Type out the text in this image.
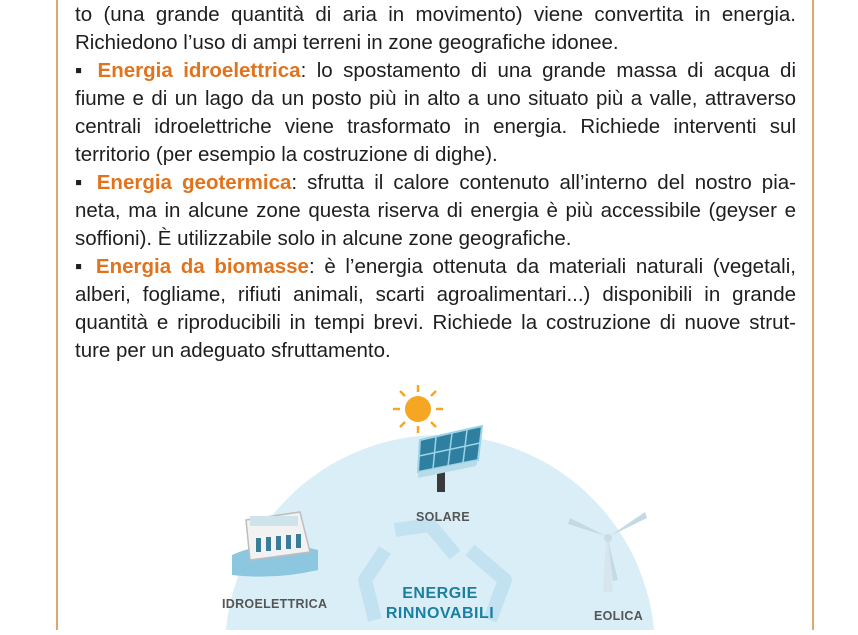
to (una grande quantità di aria in movimento) viene convertita in energia.
Richiedono l’uso di ampi terreni in zone geografiche idonee.
▪ Energia idroelettrica: lo spostamento di una grande massa di acqua di
fiume e di un lago da un posto più in alto a uno situato più a valle, attraverso
centrali idroelettriche viene trasformato in energia. Richiede interventi sul
territorio (per esempio la costruzione di dighe).
▪ Energia geotermica: sfrutta il calore contenuto all’interno del nostro pia-
neta, ma in alcune zone questa riserva di energia è più accessibile (geyser e
soffioni). È utilizzabile solo in alcune zone geografiche.
▪ Energia da biomasse: è l’energia ottenuta da materiali naturali (vegetali,
alberi, fogliame, rifiuti animali, scarti agroalimentari...) disponibili in grande
quantità e riproducibili in tempi brevi. Richiede la costruzione di nuove strut-
ture per un adeguato sfruttamento.
SOLARE
IDROELETTRICA
EOLICA
ENERGIE
RINNOVABILI
